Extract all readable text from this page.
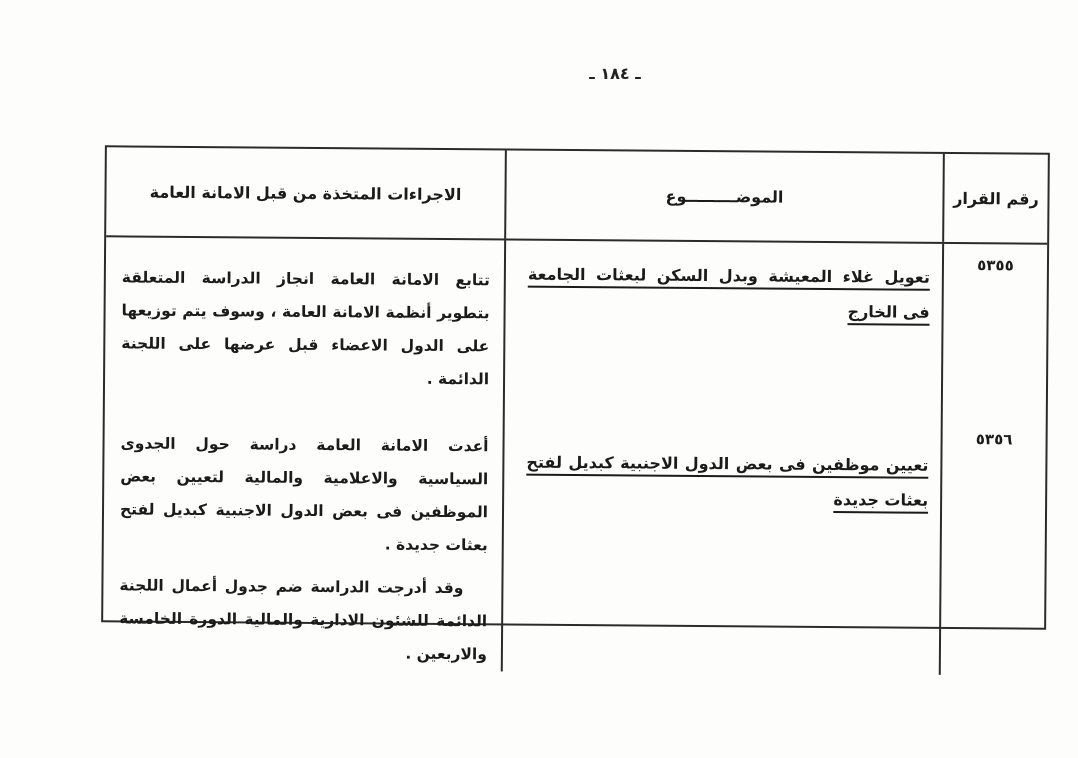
ـ ١٨٤ ـ
رقم القرار
الموضـــــــــوع
الاجراءات المتخذة من قبل الامانة العامة
٥٣٥٥
٥٣٥٦
تعويل غلاء المعيشة وبدل السكن لبعثات الجامعة فى الخارج
تعيين موظفين فى بعض الدول الاجنبية كبديل لفتح بعثات جديدة

تتابع الامانة العامة انجاز الدراسة المتعلقة بتطوير أنظمة الامانة العامة ، وسوف يتم توزيعها على الدول الاعضاء قبل عرضها على اللجنة الدائمة .

أعدت الامانة العامة دراسة حول الجدوى السياسية والاعلامية والمالية لتعيين بعض الموظفين فى بعض الدول الاجنبية كبديل لفتح بعثات جديدة .

وقد أدرجت الدراسة ضم جدول أعمال اللجنة الدائمة للشئون الادارية والمالية الدورة الخامسة والاربعين .
